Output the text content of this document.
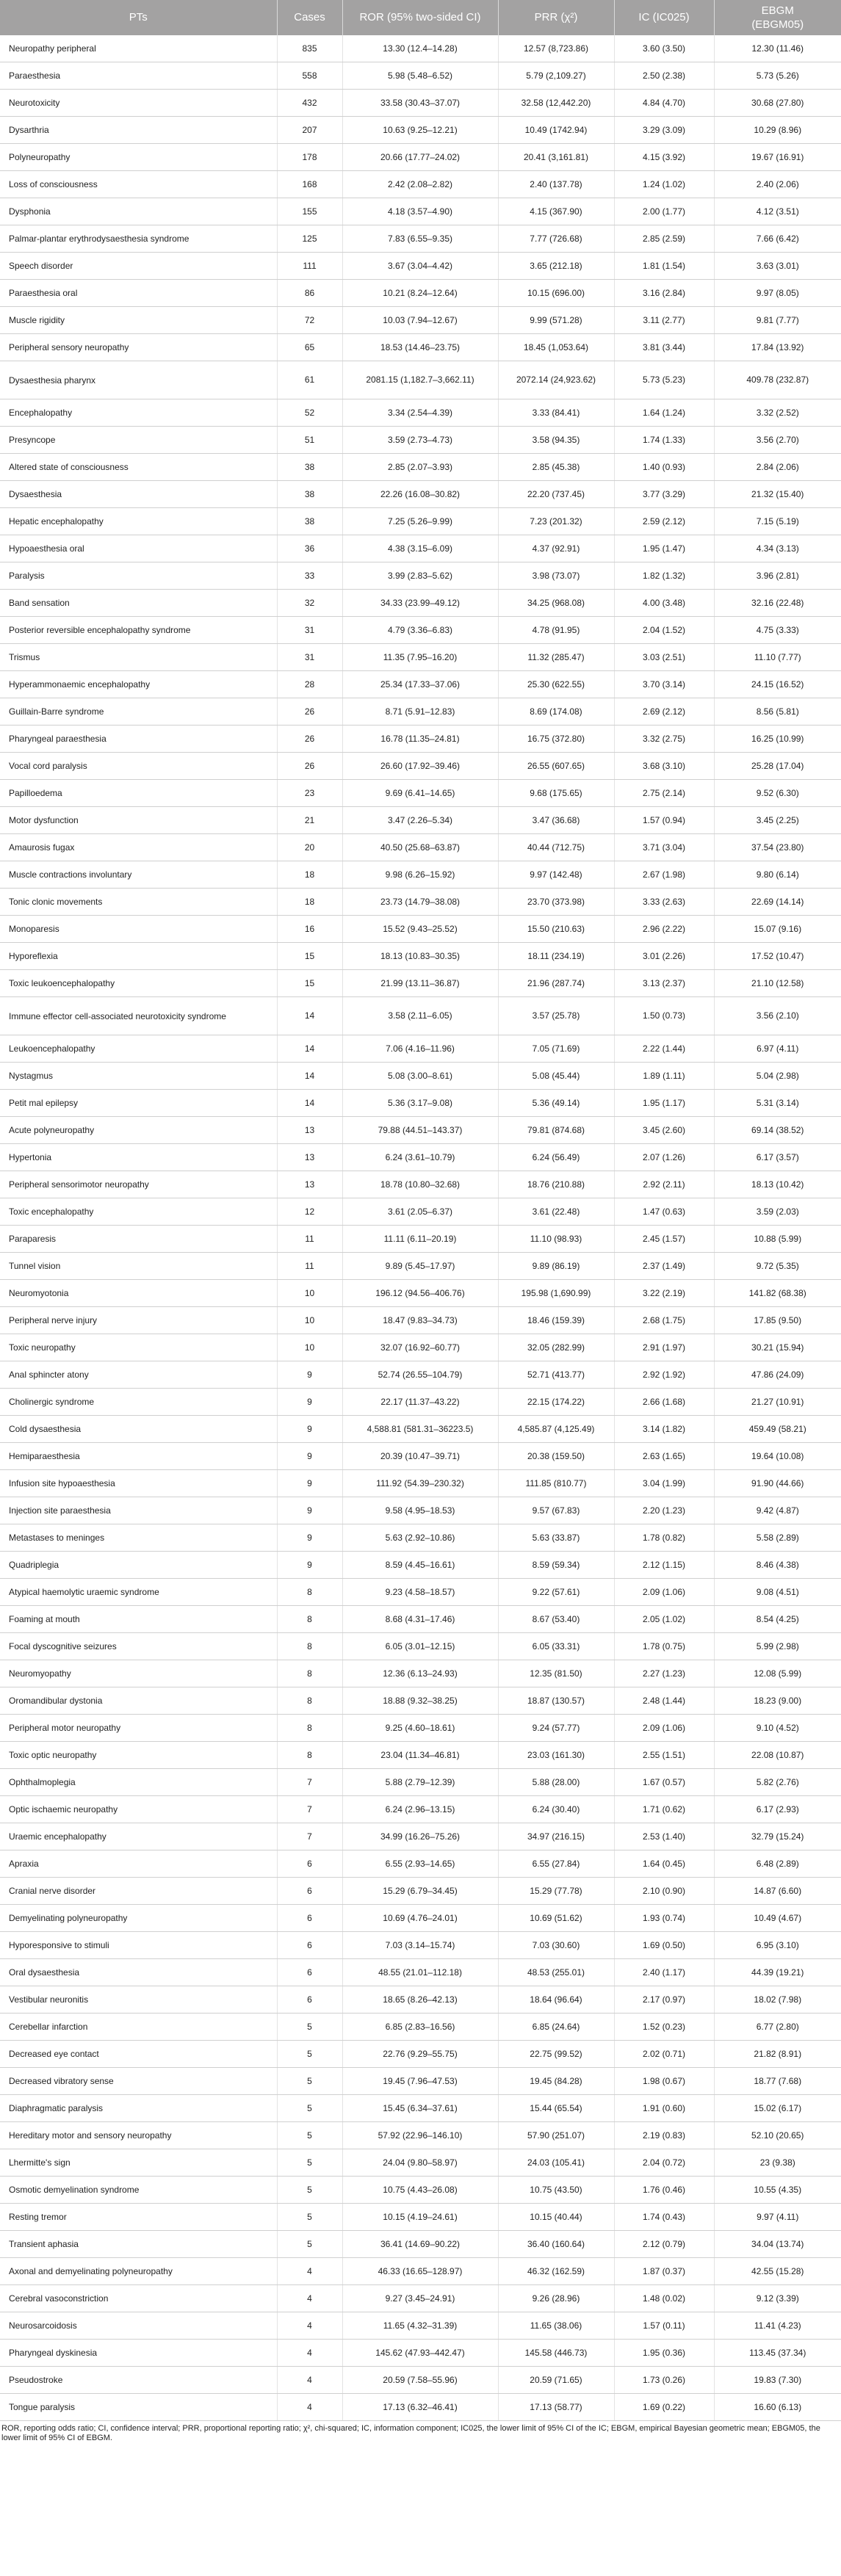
PTs	Cases	ROR (95% two-sided CI)	PRR (χ²)	IC (IC025)	EBGM
(EBGM05)
Neuropathy peripheral	835	13.30 (12.4–14.28)	12.57 (8,723.86)	3.60 (3.50)	12.30 (11.46)
Paraesthesia	558	5.98 (5.48–6.52)	5.79 (2,109.27)	2.50 (2.38)	5.73 (5.26)
Neurotoxicity	432	33.58 (30.43–37.07)	32.58 (12,442.20)	4.84 (4.70)	30.68 (27.80)
Dysarthria	207	10.63 (9.25–12.21)	10.49 (1742.94)	3.29 (3.09)	10.29 (8.96)
Polyneuropathy	178	20.66 (17.77–24.02)	20.41 (3,161.81)	4.15 (3.92)	19.67 (16.91)
Loss of consciousness	168	2.42 (2.08–2.82)	2.40 (137.78)	1.24 (1.02)	2.40 (2.06)
Dysphonia	155	4.18 (3.57–4.90)	4.15 (367.90)	2.00 (1.77)	4.12 (3.51)
Palmar-plantar erythrodysaesthesia syndrome	125	7.83 (6.55–9.35)	7.77 (726.68)	2.85 (2.59)	7.66 (6.42)
Speech disorder	111	3.67 (3.04–4.42)	3.65 (212.18)	1.81 (1.54)	3.63 (3.01)
Paraesthesia oral	86	10.21 (8.24–12.64)	10.15 (696.00)	3.16 (2.84)	9.97 (8.05)
Muscle rigidity	72	10.03 (7.94–12.67)	9.99 (571.28)	3.11 (2.77)	9.81 (7.77)
Peripheral sensory neuropathy	65	18.53 (14.46–23.75)	18.45 (1,053.64)	3.81 (3.44)	17.84 (13.92)
Dysaesthesia pharynx	61	2081.15 (1,182.7–3,662.11)	2072.14 (24,923.62)	5.73 (5.23)	409.78 (232.87)
Encephalopathy	52	3.34 (2.54–4.39)	3.33 (84.41)	1.64 (1.24)	3.32 (2.52)
Presyncope	51	3.59 (2.73–4.73)	3.58 (94.35)	1.74 (1.33)	3.56 (2.70)
Altered state of consciousness	38	2.85 (2.07–3.93)	2.85 (45.38)	1.40 (0.93)	2.84 (2.06)
Dysaesthesia	38	22.26 (16.08–30.82)	22.20 (737.45)	3.77 (3.29)	21.32 (15.40)
Hepatic encephalopathy	38	7.25 (5.26–9.99)	7.23 (201.32)	2.59 (2.12)	7.15 (5.19)
Hypoaesthesia oral	36	4.38 (3.15–6.09)	4.37 (92.91)	1.95 (1.47)	4.34 (3.13)
Paralysis	33	3.99 (2.83–5.62)	3.98 (73.07)	1.82 (1.32)	3.96 (2.81)
Band sensation	32	34.33 (23.99–49.12)	34.25 (968.08)	4.00 (3.48)	32.16 (22.48)
Posterior reversible encephalopathy syndrome	31	4.79 (3.36–6.83)	4.78 (91.95)	2.04 (1.52)	4.75 (3.33)
Trismus	31	11.35 (7.95–16.20)	11.32 (285.47)	3.03 (2.51)	11.10 (7.77)
Hyperammonaemic encephalopathy	28	25.34 (17.33–37.06)	25.30 (622.55)	3.70 (3.14)	24.15 (16.52)
Guillain-Barre syndrome	26	8.71 (5.91–12.83)	8.69 (174.08)	2.69 (2.12)	8.56 (5.81)
Pharyngeal paraesthesia	26	16.78 (11.35–24.81)	16.75 (372.80)	3.32 (2.75)	16.25 (10.99)
Vocal cord paralysis	26	26.60 (17.92–39.46)	26.55 (607.65)	3.68 (3.10)	25.28 (17.04)
Papilloedema	23	9.69 (6.41–14.65)	9.68 (175.65)	2.75 (2.14)	9.52 (6.30)
Motor dysfunction	21	3.47 (2.26–5.34)	3.47 (36.68)	1.57 (0.94)	3.45 (2.25)
Amaurosis fugax	20	40.50 (25.68–63.87)	40.44 (712.75)	3.71 (3.04)	37.54 (23.80)
Muscle contractions involuntary	18	9.98 (6.26–15.92)	9.97 (142.48)	2.67 (1.98)	9.80 (6.14)
Tonic clonic movements	18	23.73 (14.79–38.08)	23.70 (373.98)	3.33 (2.63)	22.69 (14.14)
Monoparesis	16	15.52 (9.43–25.52)	15.50 (210.63)	2.96 (2.22)	15.07 (9.16)
Hyporeflexia	15	18.13 (10.83–30.35)	18.11 (234.19)	3.01 (2.26)	17.52 (10.47)
Toxic leukoencephalopathy	15	21.99 (13.11–36.87)	21.96 (287.74)	3.13 (2.37)	21.10 (12.58)
Immune effector cell-associated neurotoxicity syndrome	14	3.58 (2.11–6.05)	3.57 (25.78)	1.50 (0.73)	3.56 (2.10)
Leukoencephalopathy	14	7.06 (4.16–11.96)	7.05 (71.69)	2.22 (1.44)	6.97 (4.11)
Nystagmus	14	5.08 (3.00–8.61)	5.08 (45.44)	1.89 (1.11)	5.04 (2.98)
Petit mal epilepsy	14	5.36 (3.17–9.08)	5.36 (49.14)	1.95 (1.17)	5.31 (3.14)
Acute polyneuropathy	13	79.88 (44.51–143.37)	79.81 (874.68)	3.45 (2.60)	69.14 (38.52)
Hypertonia	13	6.24 (3.61–10.79)	6.24 (56.49)	2.07 (1.26)	6.17 (3.57)
Peripheral sensorimotor neuropathy	13	18.78 (10.80–32.68)	18.76 (210.88)	2.92 (2.11)	18.13 (10.42)
Toxic encephalopathy	12	3.61 (2.05–6.37)	3.61 (22.48)	1.47 (0.63)	3.59 (2.03)
Paraparesis	11	11.11 (6.11–20.19)	11.10 (98.93)	2.45 (1.57)	10.88 (5.99)
Tunnel vision	11	9.89 (5.45–17.97)	9.89 (86.19)	2.37 (1.49)	9.72 (5.35)
Neuromyotonia	10	196.12 (94.56–406.76)	195.98 (1,690.99)	3.22 (2.19)	141.82 (68.38)
Peripheral nerve injury	10	18.47 (9.83–34.73)	18.46 (159.39)	2.68 (1.75)	17.85 (9.50)
Toxic neuropathy	10	32.07 (16.92–60.77)	32.05 (282.99)	2.91 (1.97)	30.21 (15.94)
Anal sphincter atony	9	52.74 (26.55–104.79)	52.71 (413.77)	2.92 (1.92)	47.86 (24.09)
Cholinergic syndrome	9	22.17 (11.37–43.22)	22.15 (174.22)	2.66 (1.68)	21.27 (10.91)
Cold dysaesthesia	9	4,588.81 (581.31–36223.5)	4,585.87 (4,125.49)	3.14 (1.82)	459.49 (58.21)
Hemiparaesthesia	9	20.39 (10.47–39.71)	20.38 (159.50)	2.63 (1.65)	19.64 (10.08)
Infusion site hypoaesthesia	9	111.92 (54.39–230.32)	111.85 (810.77)	3.04 (1.99)	91.90 (44.66)
Injection site paraesthesia	9	9.58 (4.95–18.53)	9.57 (67.83)	2.20 (1.23)	9.42 (4.87)
Metastases to meninges	9	5.63 (2.92–10.86)	5.63 (33.87)	1.78 (0.82)	5.58 (2.89)
Quadriplegia	9	8.59 (4.45–16.61)	8.59 (59.34)	2.12 (1.15)	8.46 (4.38)
Atypical haemolytic uraemic syndrome	8	9.23 (4.58–18.57)	9.22 (57.61)	2.09 (1.06)	9.08 (4.51)
Foaming at mouth	8	8.68 (4.31–17.46)	8.67 (53.40)	2.05 (1.02)	8.54 (4.25)
Focal dyscognitive seizures	8	6.05 (3.01–12.15)	6.05 (33.31)	1.78 (0.75)	5.99 (2.98)
Neuromyopathy	8	12.36 (6.13–24.93)	12.35 (81.50)	2.27 (1.23)	12.08 (5.99)
Oromandibular dystonia	8	18.88 (9.32–38.25)	18.87 (130.57)	2.48 (1.44)	18.23 (9.00)
Peripheral motor neuropathy	8	9.25 (4.60–18.61)	9.24 (57.77)	2.09 (1.06)	9.10 (4.52)
Toxic optic neuropathy	8	23.04 (11.34–46.81)	23.03 (161.30)	2.55 (1.51)	22.08 (10.87)
Ophthalmoplegia	7	5.88 (2.79–12.39)	5.88 (28.00)	1.67 (0.57)	5.82 (2.76)
Optic ischaemic neuropathy	7	6.24 (2.96–13.15)	6.24 (30.40)	1.71 (0.62)	6.17 (2.93)
Uraemic encephalopathy	7	34.99 (16.26–75.26)	34.97 (216.15)	2.53 (1.40)	32.79 (15.24)
Apraxia	6	6.55 (2.93–14.65)	6.55 (27.84)	1.64 (0.45)	6.48 (2.89)
Cranial nerve disorder	6	15.29 (6.79–34.45)	15.29 (77.78)	2.10 (0.90)	14.87 (6.60)
Demyelinating polyneuropathy	6	10.69 (4.76–24.01)	10.69 (51.62)	1.93 (0.74)	10.49 (4.67)
Hyporesponsive to stimuli	6	7.03 (3.14–15.74)	7.03 (30.60)	1.69 (0.50)	6.95 (3.10)
Oral dysaesthesia	6	48.55 (21.01–112.18)	48.53 (255.01)	2.40 (1.17)	44.39 (19.21)
Vestibular neuronitis	6	18.65 (8.26–42.13)	18.64 (96.64)	2.17 (0.97)	18.02 (7.98)
Cerebellar infarction	5	6.85 (2.83–16.56)	6.85 (24.64)	1.52 (0.23)	6.77 (2.80)
Decreased eye contact	5	22.76 (9.29–55.75)	22.75 (99.52)	2.02 (0.71)	21.82 (8.91)
Decreased vibratory sense	5	19.45 (7.96–47.53)	19.45 (84.28)	1.98 (0.67)	18.77 (7.68)
Diaphragmatic paralysis	5	15.45 (6.34–37.61)	15.44 (65.54)	1.91 (0.60)	15.02 (6.17)
Hereditary motor and sensory neuropathy	5	57.92 (22.96–146.10)	57.90 (251.07)	2.19 (0.83)	52.10 (20.65)
Lhermitte's sign	5	24.04 (9.80–58.97)	24.03 (105.41)	2.04 (0.72)	23 (9.38)
Osmotic demyelination syndrome	5	10.75 (4.43–26.08)	10.75 (43.50)	1.76 (0.46)	10.55 (4.35)
Resting tremor	5	10.15 (4.19–24.61)	10.15 (40.44)	1.74 (0.43)	9.97 (4.11)
Transient aphasia	5	36.41 (14.69–90.22)	36.40 (160.64)	2.12 (0.79)	34.04 (13.74)
Axonal and demyelinating polyneuropathy	4	46.33 (16.65–128.97)	46.32 (162.59)	1.87 (0.37)	42.55 (15.28)
Cerebral vasoconstriction	4	9.27 (3.45–24.91)	9.26 (28.96)	1.48 (0.02)	9.12 (3.39)
Neurosarcoidosis	4	11.65 (4.32–31.39)	11.65 (38.06)	1.57 (0.11)	11.41 (4.23)
Pharyngeal dyskinesia	4	145.62 (47.93–442.47)	145.58 (446.73)	1.95 (0.36)	113.45 (37.34)
Pseudostroke	4	20.59 (7.58–55.96)	20.59 (71.65)	1.73 (0.26)	19.83 (7.30)
Tongue paralysis	4	17.13 (6.32–46.41)	17.13 (58.77)	1.69 (0.22)	16.60 (6.13)
ROR, reporting odds ratio; CI, confidence interval; PRR, proportional reporting ratio; χ², chi-squared; IC, information component; IC025, the lower limit of 95% CI of the IC; EBGM, empirical Bayesian geometric mean; EBGM05, the lower limit of 95% CI of EBGM.
